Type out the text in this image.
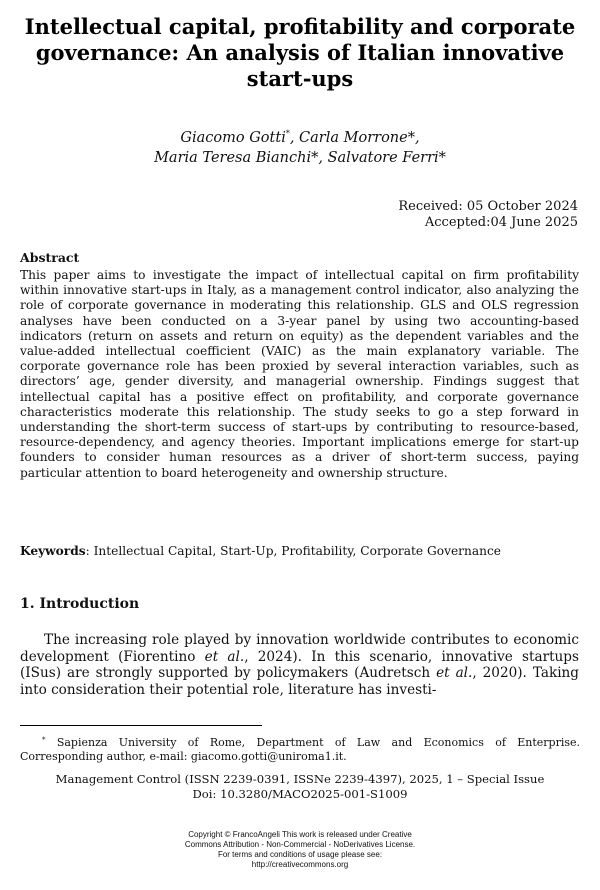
Intellectual capital, profitability and corporate governance: An analysis of Italian innovative start-ups
Giacomo Gotti*, Carla Morrone*,
Maria Teresa Bianchi*, Salvatore Ferri*
Received: 05 October 2024
Accepted:04 June 2025
Abstract

This paper aims to investigate the impact of intellectual capital on firm profitability within innovative start-ups in Italy, as a management control indicator, also analyzing the role of corporate governance in moderating this relationship. GLS and OLS regression analyses have been conducted on a 3-year panel by using two accounting-based indicators (return on assets and return on equity) as the dependent variables and the value-added intellectual coefficient (VAIC) as the main explanatory variable. The corporate governance role has been proxied by several interaction variables, such as directors’ age, gender diversity, and managerial ownership. Findings suggest that intellectual capital has a positive effect on profitability, and corporate governance characteristics moderate this relationship. The study seeks to go a step forward in understanding the short-term success of start-ups by contributing to resource-based, resource-dependency, and agency theories. Important implications emerge for start-up founders to consider human resources as a driver of short-term success, paying particular attention to board heterogeneity and ownership structure.

Keywords: Intellectual Capital, Start-Up, Profitability, Corporate Governance
1. Introduction

The increasing role played by innovation worldwide contributes to economic development (Fiorentino et al., 2024). In this scenario, innovative startups (ISus) are strongly supported by policymakers (Audretsch et al., 2020). Taking into consideration their potential role, literature has investi-

* Sapienza University of Rome, Department of Law and Economics of Enterprise. Corresponding author, e-mail: giacomo.gotti@uniroma1.it.

Management Control (ISSN 2239-0391, ISSNe 2239-4397), 2025, 1 – Special Issue
Doi: 10.3280/MACO2025-001-S1009
Copyright © FrancoAngeli This work is released under Creative
Commons Attribution - Non-Commercial - NoDerivatives License.
For terms and conditions of usage please see:
http://creativecommons.org
